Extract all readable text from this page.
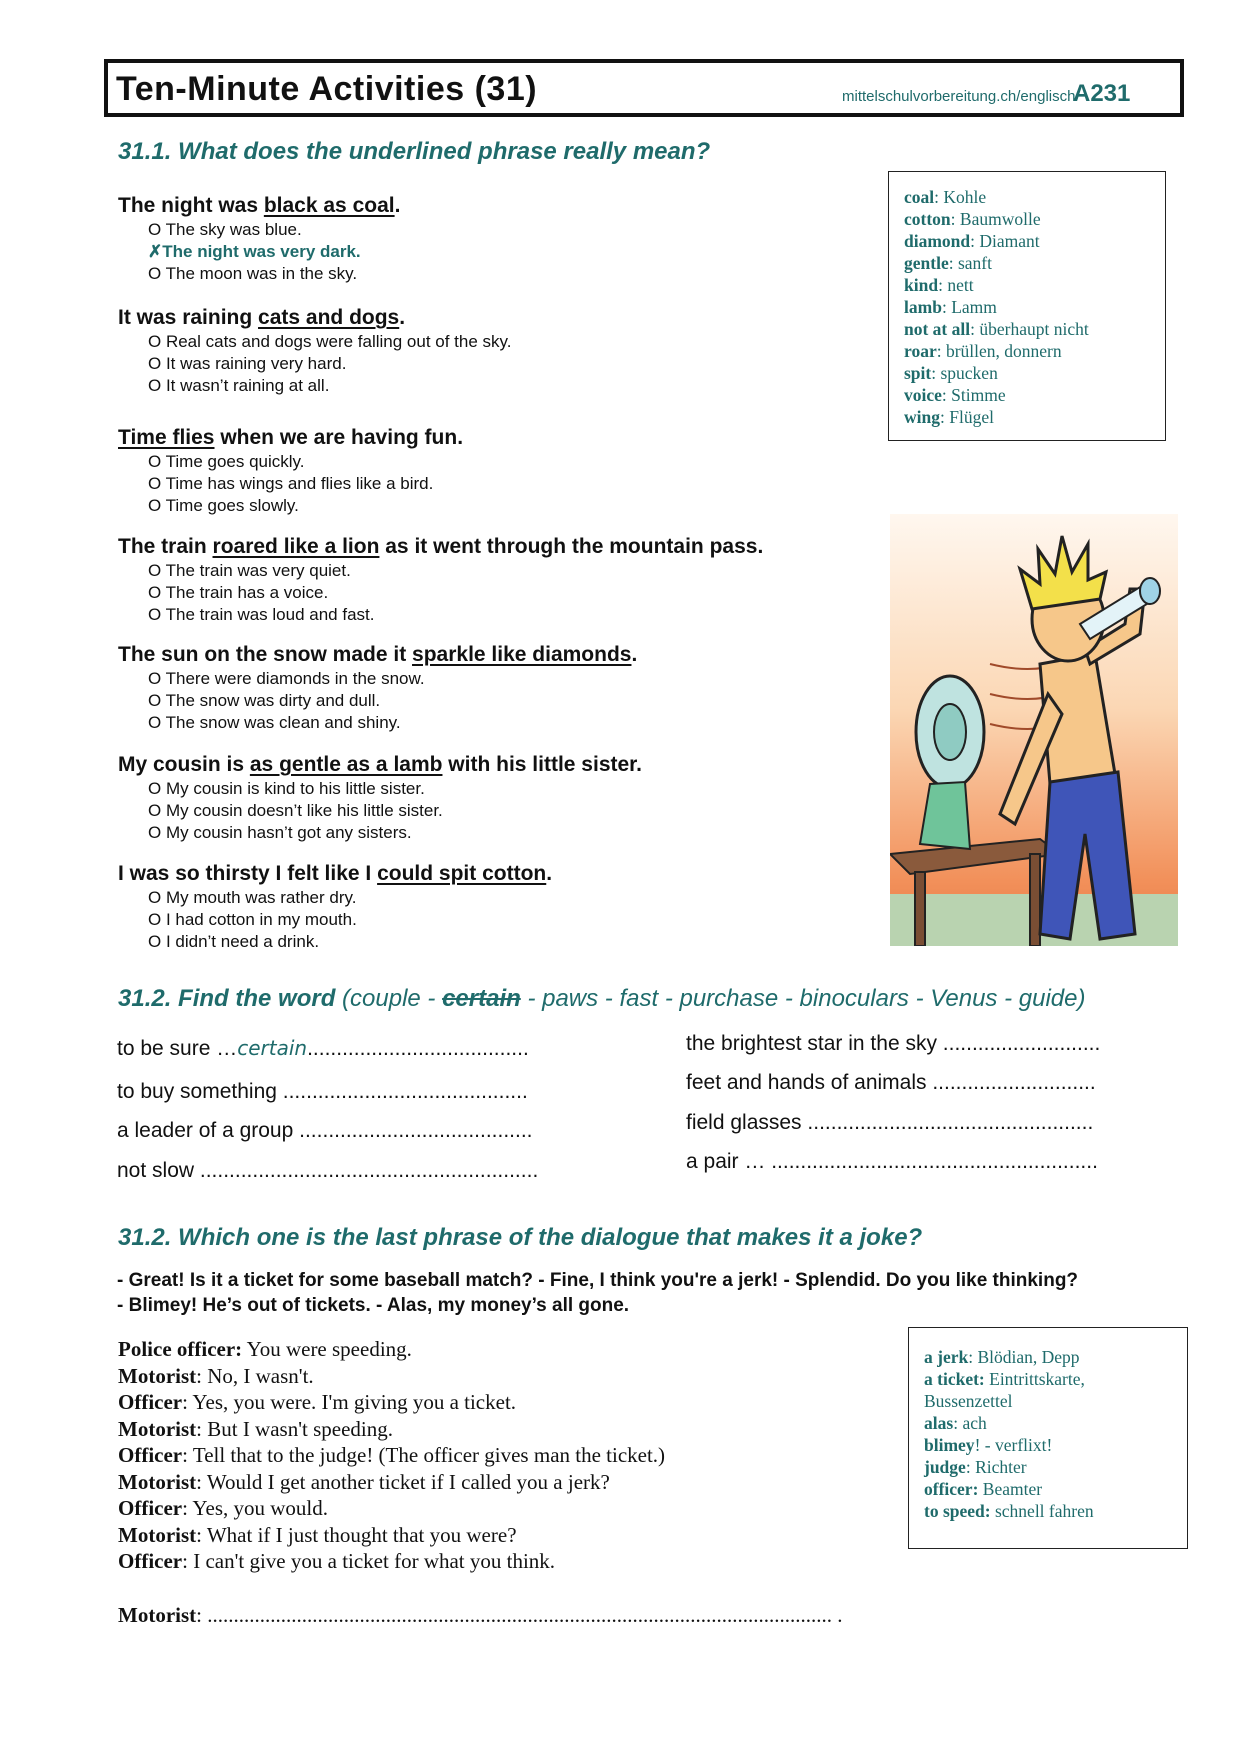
Ten-Minute Activities (31)	mittelschulvorbereitung.ch/englisch
A231
31.1. What does the underlined phrase really mean?
The night was black as coal.
O The sky was blue.
✗The night was very dark.
O The moon was in the sky.
It was raining cats and dogs.
O Real cats and dogs were falling out of the sky.
O It was raining very hard.
O It wasn’t raining at all.
Time flies when we are having fun.
O Time goes quickly.
O Time has wings and flies like a bird.
O Time goes slowly.
The train roared like a lion as it went through the mountain pass.
O The train was very quiet.
O The train has a voice.
O The train was loud and fast.
The sun on the snow made it sparkle like diamonds.
O There were diamonds in the snow.
O The snow was dirty and dull.
O The snow was clean and shiny.
My cousin is as gentle as a lamb with his little sister.
O My cousin is kind to his little sister.
O My cousin doesn’t like his little sister.
O My cousin hasn’t got any sisters.
I was so thirsty I felt like I could spit cotton.
O My mouth was rather dry.
O I had cotton in my mouth.
O I didn’t need a drink.
coal: Kohle
cotton: Baumwolle
diamond: Diamant
gentle: sanft
kind: nett
lamb: Lamm
not at all: überhaupt nicht
roar: brüllen, donnern
spit: spucken
voice: Stimme
wing: Flügel
31.2. Find the word (couple - certain - paws - fast - purchase - binoculars - Venus - guide)
to be sure …certain......................................
to buy something ..........................................
a leader of a group ........................................
not slow ..........................................................
the brightest star in the sky ...........................
feet and hands of animals ............................
field glasses .................................................
a pair … ........................................................
31.2. Which one is the last phrase of the dialogue that makes it a joke?
- Great! Is it a ticket for some baseball match? - Fine, I think you're a jerk! - Splendid. Do you like thinking?
- Blimey! He’s out of tickets. - Alas, my money’s all gone.
Police officer: You were speeding.
Motorist: No, I wasn't.
Officer: Yes, you were. I'm giving you a ticket.
Motorist: But I wasn't speeding.
Officer: Tell that to the judge! (The officer gives man the ticket.)
Motorist: Would I get another ticket if I called you a jerk?
Officer: Yes, you would.
Motorist: What if I just thought that you were?
Officer: I can't give you a ticket for what you think.
a jerk: Blödian, Depp
a ticket: Eintrittskarte,
Bussenzettel
alas: ach
blimey! - verflixt!
judge: Richter
officer: Beamter
to speed: schnell fahren
Motorist: ....................................................................................................................... .
